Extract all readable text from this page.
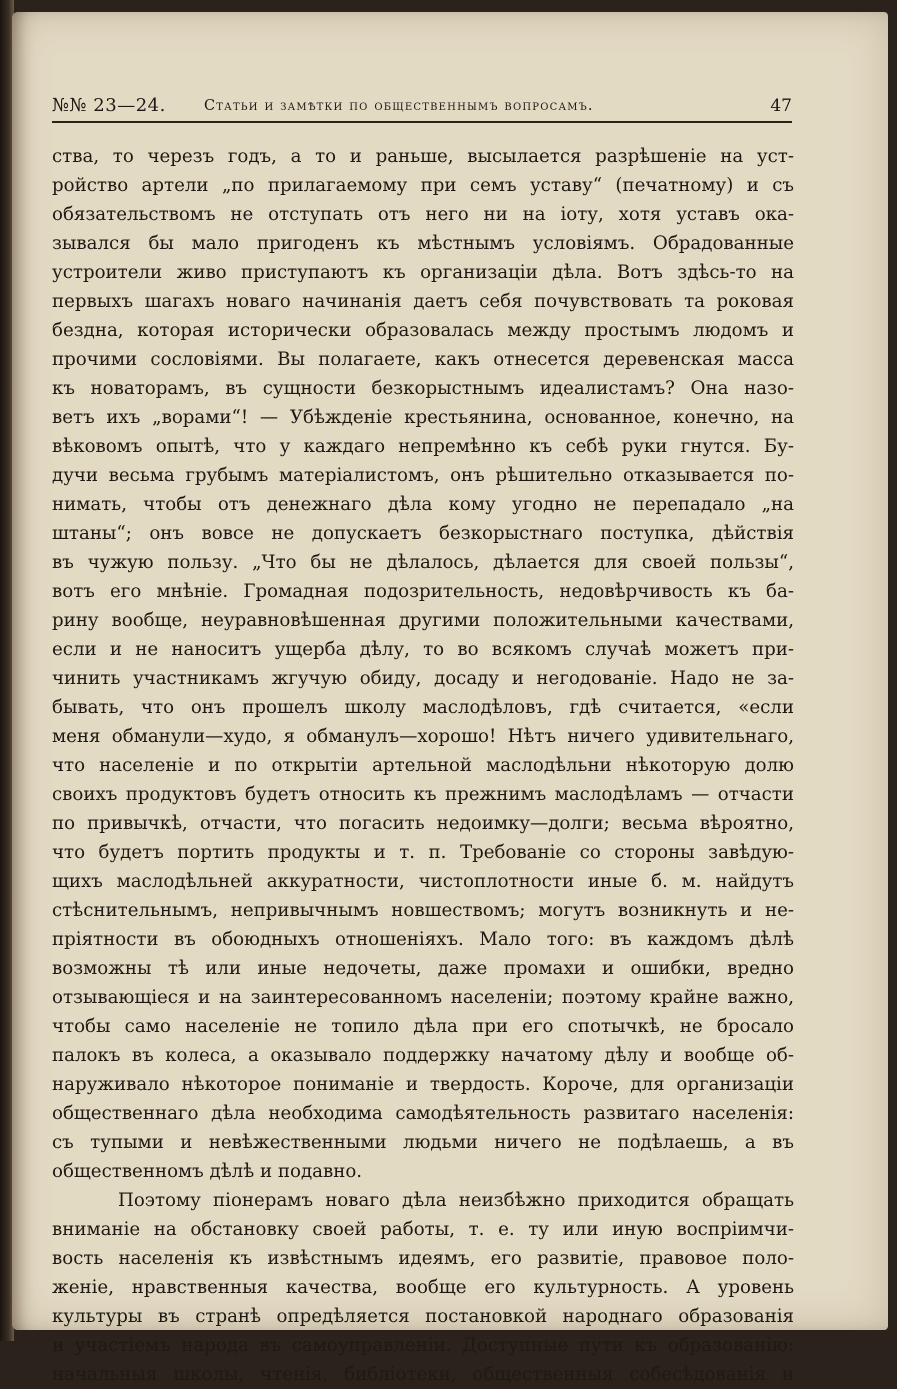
№№ 23—24.	Статьи и замѣтки по общественнымъ вопросамъ.	47
ства, то черезъ годъ, а то и раньше, высылается разрѣшеніе на уст-
ройство артели „по прилагаемому при семъ уставу“ (печатному) и съ
обязательствомъ не отступать отъ него ни на іоту, хотя уставъ ока-
зывался бы мало пригоденъ къ мѣстнымъ условіямъ. Обрадованные
устроители живо приступаютъ къ организаціи дѣла. Вотъ здѣсь-то на
первыхъ шагахъ новаго начинанія даетъ себя почувствовать та роковая
бездна, которая исторически образовалась между простымъ людомъ и
прочими сословіями. Вы полагаете, какъ отнесется деревенская масса
къ новаторамъ, въ сущности безкорыстнымъ идеалистамъ? Она назо-
ветъ ихъ „ворами“! — Убѣжденіе крестьянина, основанное, конечно, на
вѣковомъ опытѣ, что у каждаго непремѣнно къ себѣ руки гнутся. Бу-
дучи весьма грубымъ матеріалистомъ, онъ рѣшительно отказывается по-
нимать, чтобы отъ денежнаго дѣла кому угодно не перепадало „на
штаны“; онъ вовсе не допускаетъ безкорыстнаго поступка, дѣйствія
въ чужую пользу. „Что бы не дѣлалось, дѣлается для своей пользы“,
вотъ его мнѣніе. Громадная подозрительность, недовѣрчивость къ ба-
рину вообще, неуравновѣшенная другими положительными качествами,
если и не наноситъ ущерба дѣлу, то во всякомъ случаѣ можетъ при-
чинить участникамъ жгучую обиду, досаду и негодованіе. Надо не за-
бывать, что онъ прошелъ школу маслодѣловъ, гдѣ считается, «если
меня обманули—худо, я обманулъ—хорошо! Нѣтъ ничего удивительнаго,
что населеніе и по открытіи артельной маслодѣльни нѣкоторую долю
своихъ продуктовъ будетъ относить къ прежнимъ маслодѣламъ — отчасти
по привычкѣ, отчасти, что погасить недоимку—долги; весьма вѣроятно,
что будетъ портить продукты и т. п. Требованіе со стороны завѣдую-
щихъ маслодѣльней аккуратности, чистоплотности иные б. м. найдутъ
стѣснительнымъ, непривычнымъ новшествомъ; могутъ возникнуть и не-
пріятности въ обоюдныхъ отношеніяхъ. Мало того: въ каждомъ дѣлѣ
возможны тѣ или иные недочеты, даже промахи и ошибки, вредно
отзывающіеся и на заинтересованномъ населеніи; поэтому крайне важно,
чтобы само населеніе не топило дѣла при его спотычкѣ, не бросало
палокъ въ колеса, а оказывало поддержку начатому дѣлу и вообще об-
наруживало нѣкоторое пониманіе и твердость. Короче, для организаціи
общественнаго дѣла необходима самодѣятельность развитаго населенія:
съ тупыми и невѣжественными людьми ничего не подѣлаешь, а въ
общественномъ дѣлѣ и подавно.
Поэтому піонерамъ новаго дѣла неизбѣжно приходится обращать
вниманіе на обстановку своей работы, т. е. ту или иную воспріимчи-
вость населенія къ извѣстнымъ идеямъ, его развитіе, правовое поло-
женіе, нравственныя качества, вообще его культурность. А уровень
культуры въ странѣ опредѣляется постановкой народнаго образованія
и участіемъ народа въ самоуправленіи. Доступные пути къ образованію:
начальныя школы, чтенія, библіотеки, общественныя собесѣдованія и
